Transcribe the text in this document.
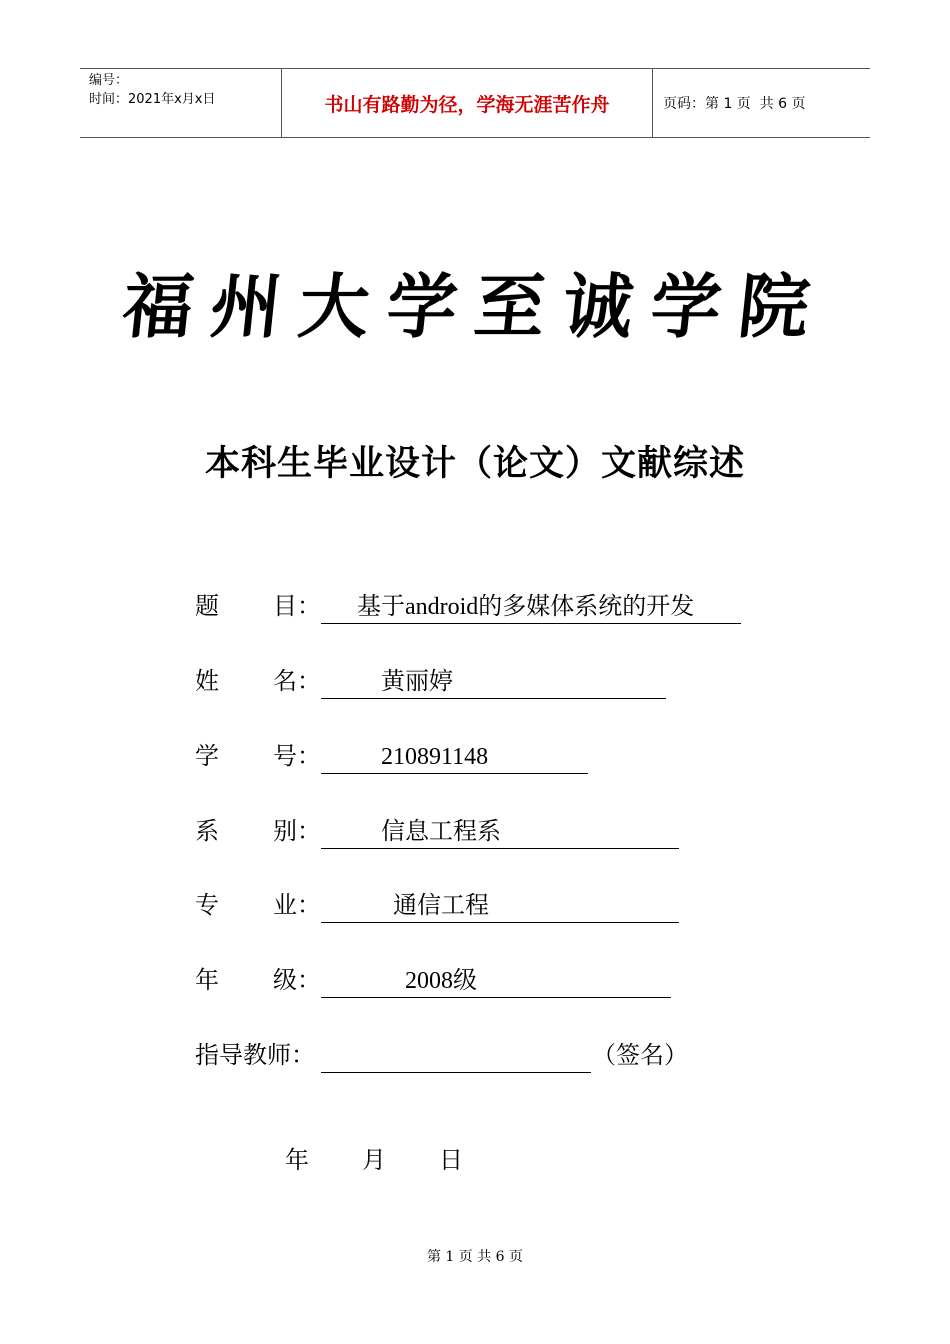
编号：
时间：2021年x月x日	书山有路勤为径，学海无涯苦作舟	页码：第 1 页  共 6 页
福州大学至诚学院
本科生毕业设计（论文）文献综述
题 目： 基于android的多媒体系统的开发
姓 名： 黄丽婷
学 号： 210891148
系 别： 信息工程系
专 业： 通信工程
年 级： 2008级
指导教师：	（签名）
年 月 日
第 1 页 共 6 页
